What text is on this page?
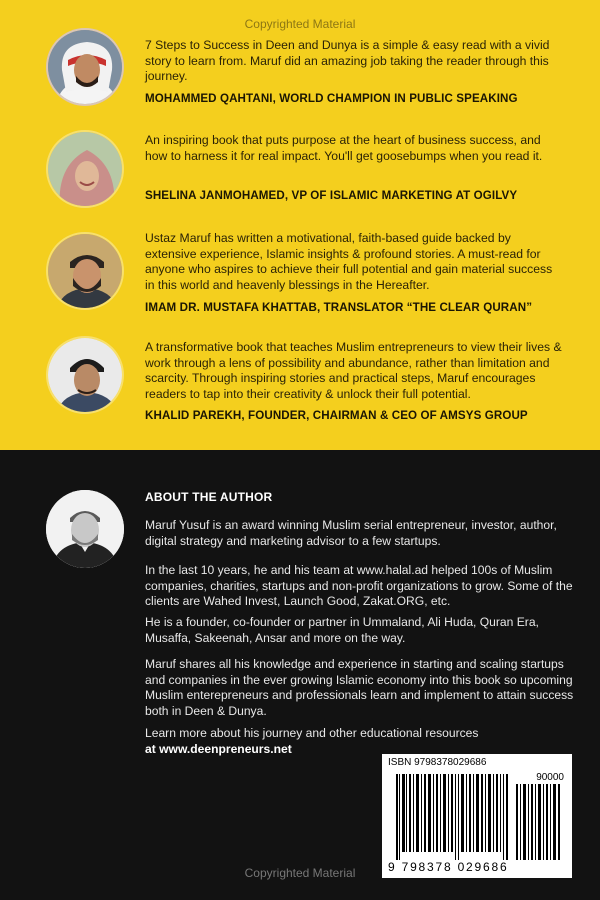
Copyrighted Material
7 Steps to Success in Deen and Dunya is a simple & easy read with a vivid story to learn from. Maruf did an amazing job taking the reader through this journey.
MOHAMMED QAHTANI, WORLD CHAMPION IN PUBLIC SPEAKING
An inspiring book that puts purpose at the heart of business success, and how to harness it for real impact. You'll get goosebumps when you read it.
SHELINA JANMOHAMED, VP OF ISLAMIC MARKETING AT OGILVY
Ustaz Maruf has written a motivational, faith-based guide backed by extensive experience, Islamic insights & profound stories. A must-read for anyone who aspires to achieve their full potential and gain material success in this world and heavenly blessings in the Hereafter.
IMAM DR. MUSTAFA KHATTAB, TRANSLATOR “THE CLEAR QURAN”
A transformative book that teaches Muslim entrepreneurs to view their lives & work through a lens of possibility and abundance, rather than limitation and scarcity. Through inspiring stories and practical steps, Maruf encourages readers to tap into their creativity & unlock their full potential.
KHALID PAREKH, FOUNDER, CHAIRMAN & CEO OF AMSYS GROUP
ABOUT THE AUTHOR
Maruf Yusuf is an award winning Muslim serial entrepreneur, investor, author, digital strategy and marketing advisor to a few startups.
In the last 10 years, he and his team at www.halal.ad helped 100s of Muslim companies, charities, startups and non-profit organizations to grow. Some of the clients are Wahed Invest, Launch Good, Zakat.ORG, etc.
He is a founder, co-founder or partner in Ummaland, Ali Huda, Quran Era, Musaffa, Sakeenah, Ansar and more on the way.
Maruf shares all his knowledge and experience in starting and scaling startups and companies in the ever growing Islamic economy into this book so upcoming Muslim enterepreneurs and professionals learn and implement to attain success both in Deen & Dunya.
Learn more about his journey and other educational resources
at www.deenpreneurs.net
ISBN 9798378029686
90000
9 798378 029686
Copyrighted Material
